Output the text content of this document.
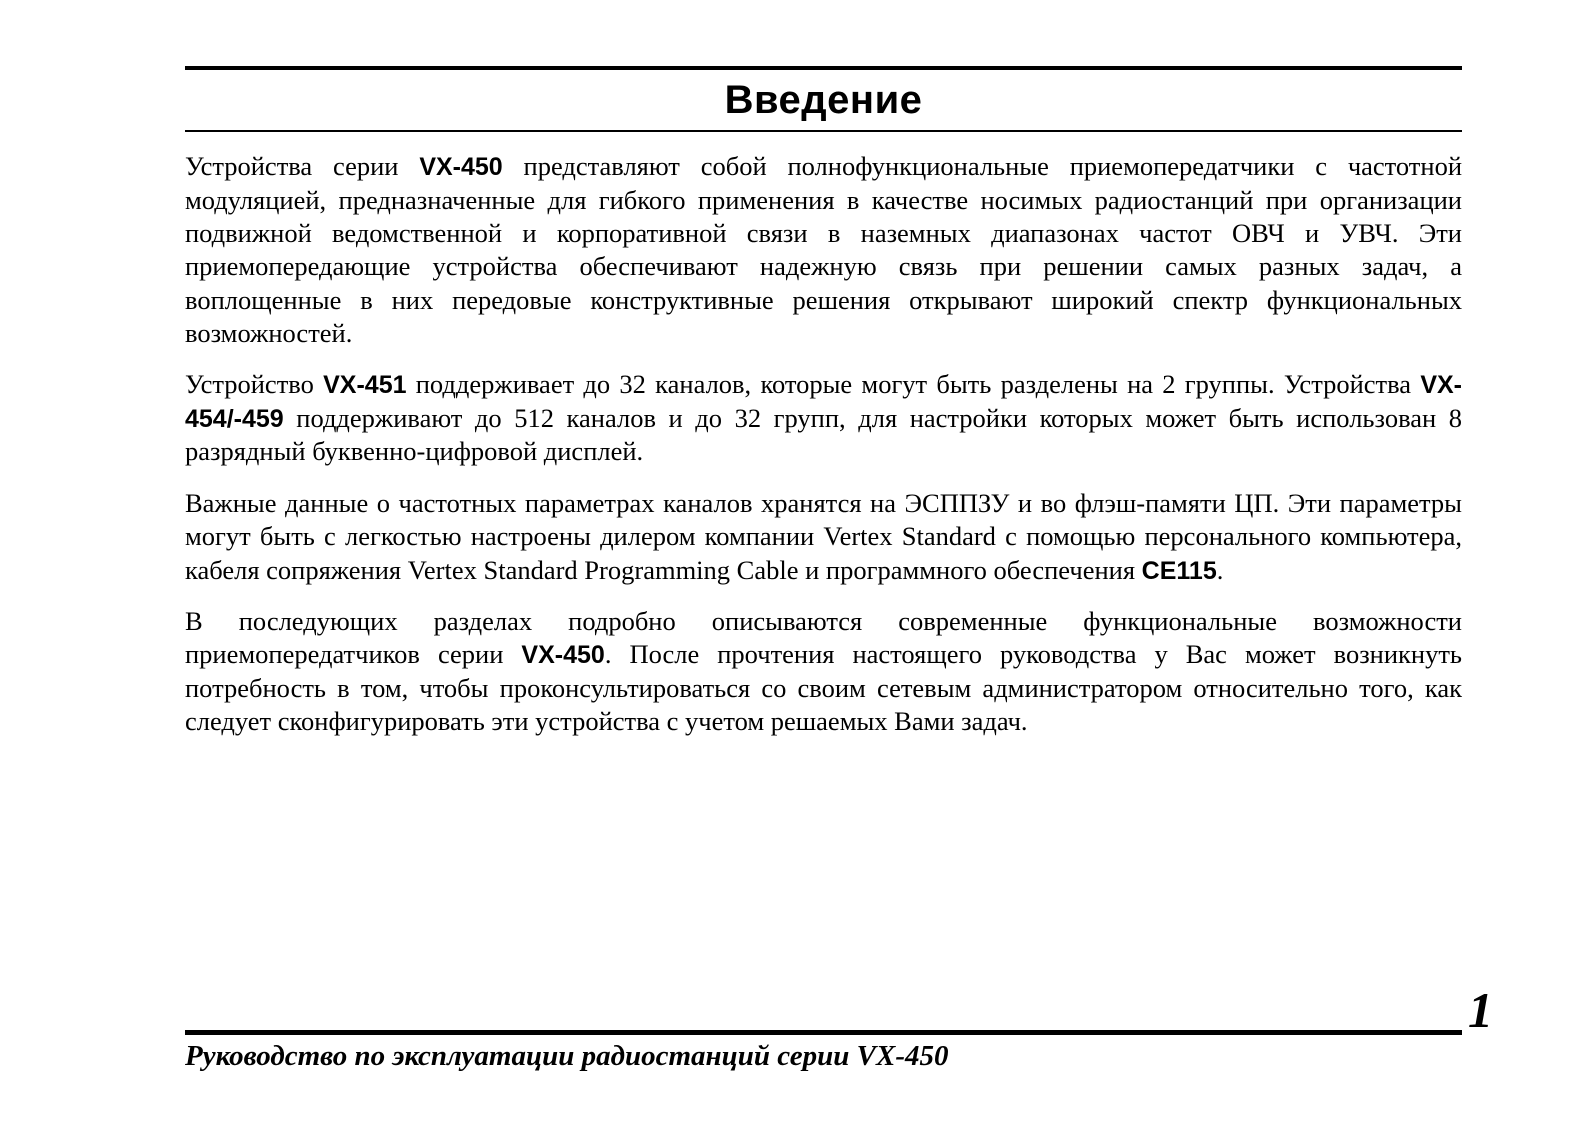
Введение

Устройства серии VX-450 представляют собой полнофункциональные приемопередатчики с частотной модуляцией, предназначенные для гибкого применения в качестве носимых радиостанций при организации подвижной ведомственной и корпоративной связи в наземных диапазонах частот ОВЧ и УВЧ. Эти приемопередающие устройства обеспечивают надежную связь при решении самых разных задач, а воплощенные в них передовые конструктивные решения открывают широкий спектр функциональных возможностей.

Устройство VX-451 поддерживает до 32 каналов, которые могут быть разделены на 2 группы. Устройства VX-454/-459 поддерживают до 512 каналов и до 32 групп, для настройки которых может быть использован 8 разрядный буквенно-цифровой дисплей.

Важные данные о частотных параметрах каналов хранятся на ЭСППЗУ и во флэш-памяти ЦП. Эти параметры могут быть с легкостью настроены дилером компании Vertex Standard с помощью персонального компьютера, кабеля сопряжения Vertex Standard Programming Cable и программного обеспечения CE115.

В последующих разделах подробно описываются современные функциональные возможности приемопередатчиков серии VX-450. После прочтения настоящего руководства у Вас может возникнуть потребность в том, чтобы проконсультироваться со своим сетевым администратором относительно того, как следует сконфигурировать эти устройства с учетом решаемых Вами задач.

1
Руководство по эксплуатации радиостанций серии VX-450
